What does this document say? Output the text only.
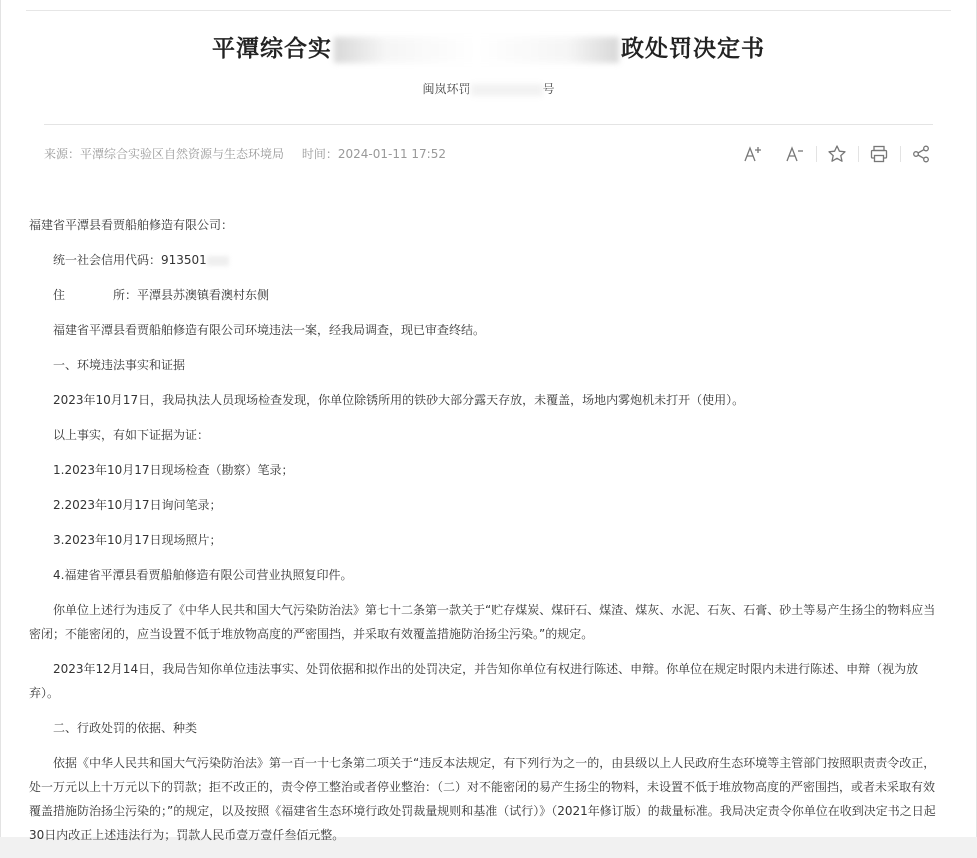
平潭综合实	政处罚决定书
闽岚环罚	号
来源：平潭综合实验区自然资源与生态环境局 时间：2024-01-11 17:52

福建省平潭县看贾船舶修造有限公司：

统一社会信用代码：913501

住　　　　所：平潭县苏澳镇看澳村东侧

福建省平潭县看贾船舶修造有限公司环境违法一案，经我局调查，现已审查终结。

一、环境违法事实和证据

2023年10月17日，我局执法人员现场检查发现，你单位除锈所用的铁砂大部分露天存放，未覆盖，场地内雾炮机未打开（使用）。

以上事实，有如下证据为证：

1.2023年10月17日现场检查（勘察）笔录；

2.2023年10月17日询问笔录；

3.2023年10月17日现场照片；

4.福建省平潭县看贾船舶修造有限公司营业执照复印件。

你单位上述行为违反了《中华人民共和国大气污染防治法》第七十二条第一款关于“贮存煤炭、煤矸石、煤渣、煤灰、水泥、石灰、石膏、砂土等易产生扬尘的物料应当密闭；不能密闭的，应当设置不低于堆放物高度的严密围挡，并采取有效覆盖措施防治扬尘污染。”的规定。

2023年12月14日，我局告知你单位违法事实、处罚依据和拟作出的处罚决定，并告知你单位有权进行陈述、申辩。你单位在规定时限内未进行陈述、申辩（视为放弃）。

二、行政处罚的依据、种类

依据《中华人民共和国大气污染防治法》第一百一十七条第二项关于“违反本法规定，有下列行为之一的，由县级以上人民政府生态环境等主管部门按照职责责令改正，处一万元以上十万元以下的罚款；拒不改正的，责令停工整治或者停业整治：（二）对不能密闭的易产生扬尘的物料，未设置不低于堆放物高度的严密围挡，或者未采取有效覆盖措施防治扬尘污染的；”的规定，以及按照《福建省生态环境行政处罚裁量规则和基准（试行）》（2021年修订版）的裁量标准。我局决定责令你单位在收到决定书之日起30日内改正上述违法行为；罚款人民币壹万壹仟叁佰元整。
